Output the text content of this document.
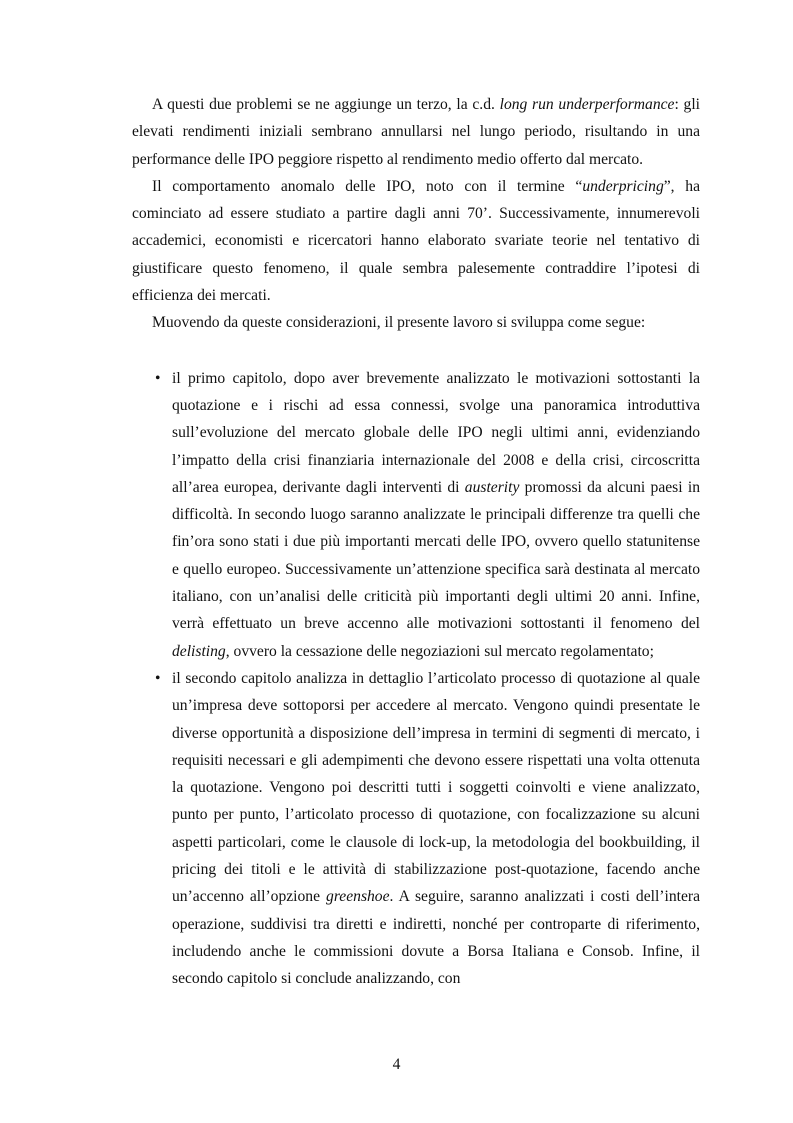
A questi due problemi se ne aggiunge un terzo, la c.d. long run underperformance: gli elevati rendimenti iniziali sembrano annullarsi nel lungo periodo, risultando in una performance delle IPO peggiore rispetto al rendimento medio offerto dal mercato.

Il comportamento anomalo delle IPO, noto con il termine “underpricing”, ha cominciato ad essere studiato a partire dagli anni 70’. Successivamente, innumerevoli accademici, economisti e ricercatori hanno elaborato svariate teorie nel tentativo di giustificare questo fenomeno, il quale sembra palesemente contraddire l’ipotesi di efficienza dei mercati.

Muovendo da queste considerazioni, il presente lavoro si sviluppa come segue:

• il primo capitolo, dopo aver brevemente analizzato le motivazioni sottostanti la quotazione e i rischi ad essa connessi, svolge una panoramica introduttiva sull’evoluzione del mercato globale delle IPO negli ultimi anni, evidenziando l’impatto della crisi finanziaria internazionale del 2008 e della crisi, circoscritta all’area europea, derivante dagli interventi di austerity promossi da alcuni paesi in difficoltà. In secondo luogo saranno analizzate le principali differenze tra quelli che fin’ora sono stati i due più importanti mercati delle IPO, ovvero quello statunitense e quello europeo. Successivamente un’attenzione specifica sarà destinata al mercato italiano, con un’analisi delle criticità più importanti degli ultimi 20 anni. Infine, verrà effettuato un breve accenno alle motivazioni sottostanti il fenomeno del delisting, ovvero la cessazione delle negoziazioni sul mercato regolamentato;
• il secondo capitolo analizza in dettaglio l’articolato processo di quotazione al quale un’impresa deve sottoporsi per accedere al mercato. Vengono quindi presentate le diverse opportunità a disposizione dell’impresa in termini di segmenti di mercato, i requisiti necessari e gli adempimenti che devono essere rispettati una volta ottenuta la quotazione. Vengono poi descritti tutti i soggetti coinvolti e viene analizzato, punto per punto, l’articolato processo di quotazione, con focalizzazione su alcuni aspetti particolari, come le clausole di lock-up, la metodologia del bookbuilding, il pricing dei titoli e le attività di stabilizzazione post-quotazione, facendo anche un’accenno all’opzione greenshoe. A seguire, saranno analizzati i costi dell’intera operazione, suddivisi tra diretti e indiretti, nonché per controparte di riferimento, includendo anche le commissioni dovute a Borsa Italiana e Consob. Infine, il secondo capitolo si conclude analizzando, con
4
